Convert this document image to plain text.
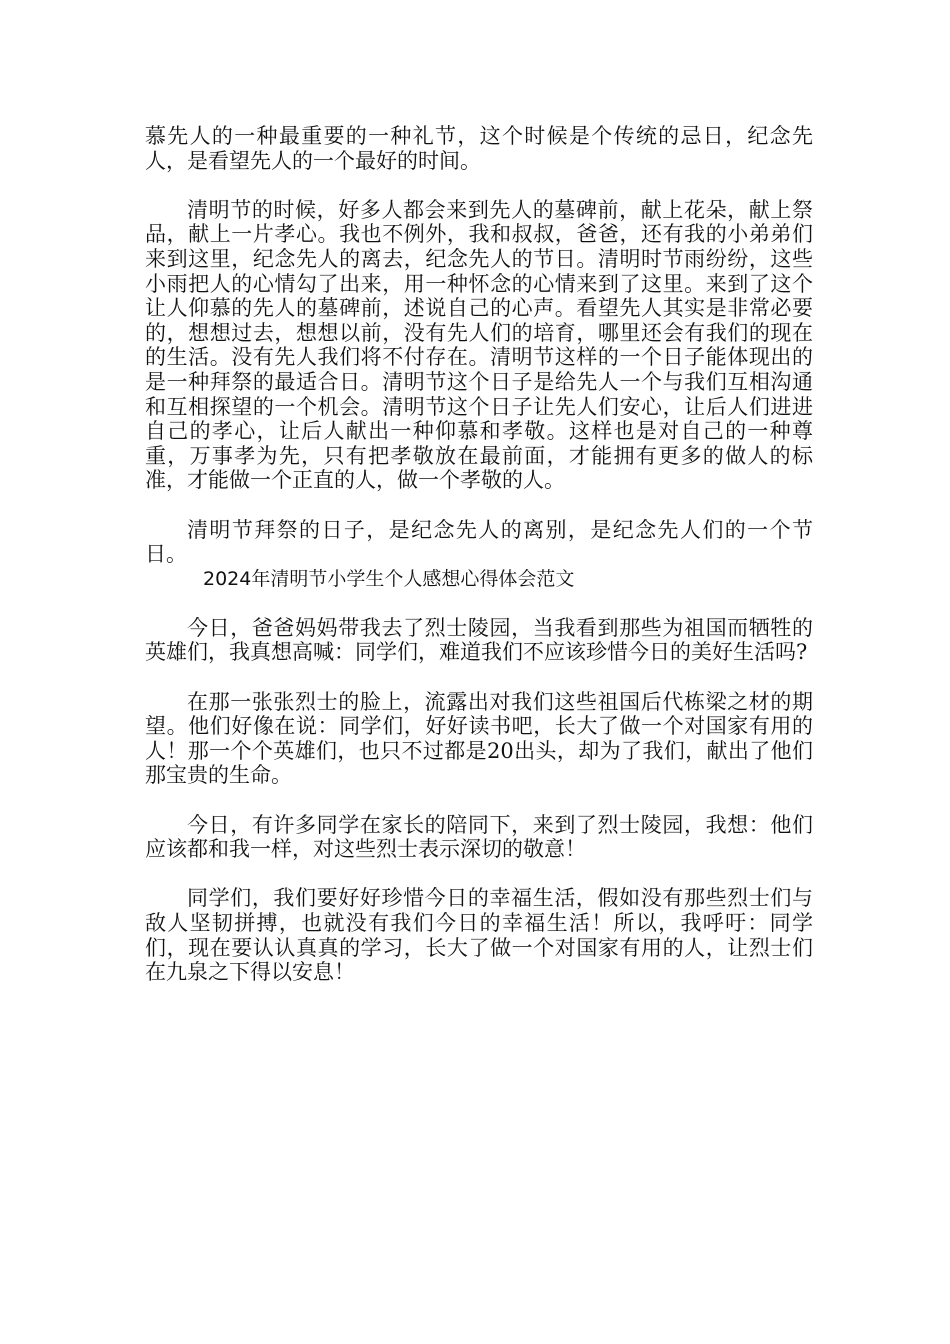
慕先人的一种最重要的一种礼节，这个时候是个传统的忌日，纪念先人，是看望先人的一个最好的时间。

清明节的时候，好多人都会来到先人的墓碑前，献上花朵，献上祭品，献上一片孝心。我也不例外，我和叔叔，爸爸，还有我的小弟弟们来到这里，纪念先人的离去，纪念先人的节日。清明时节雨纷纷，这些小雨把人的心情勾了出来，用一种怀念的心情来到了这里。来到了这个让人仰慕的先人的墓碑前，述说自己的心声。看望先人其实是非常必要的，想想过去，想想以前，没有先人们的培育，哪里还会有我们的现在的生活。没有先人我们将不付存在。清明节这样的一个日子能体现出的是一种拜祭的最适合日。清明节这个日子是给先人一个与我们互相沟通和互相探望的一个机会。清明节这个日子让先人们安心，让后人们进进自己的孝心，让后人献出一种仰慕和孝敬。这样也是对自己的一种尊重，万事孝为先，只有把孝敬放在最前面，才能拥有更多的做人的标准，才能做一个正直的人，做一个孝敬的人。

清明节拜祭的日子，是纪念先人的离别，是纪念先人们的一个节日。

2024年清明节小学生个人感想心得体会范文

今日，爸爸妈妈带我去了烈士陵园，当我看到那些为祖国而牺牲的英雄们，我真想高喊：同学们，难道我们不应该珍惜今日的美好生活吗?

在那一张张烈士的脸上，流露出对我们这些祖国后代栋梁之材的期望。他们好像在说：同学们，好好读书吧，长大了做一个对国家有用的人！那一个个英雄们，也只不过都是20出头，却为了我们，献出了他们那宝贵的生命。

今日，有许多同学在家长的陪同下，来到了烈士陵园，我想：他们应该都和我一样，对这些烈士表示深切的敬意！

同学们，我们要好好珍惜今日的幸福生活，假如没有那些烈士们与敌人坚韧拼搏，也就没有我们今日的幸福生活！所以，我呼吁：同学们，现在要认认真真的学习，长大了做一个对国家有用的人，让烈士们在九泉之下得以安息！
